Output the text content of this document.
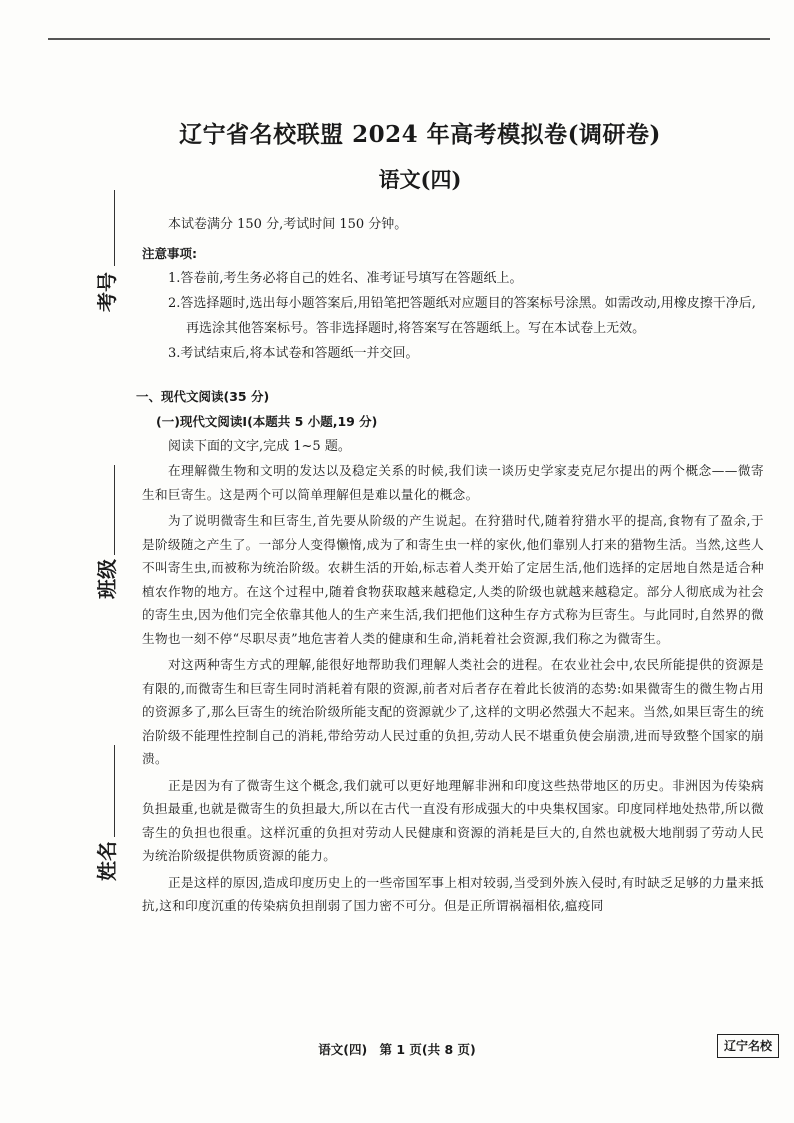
考号
班级
姓名
辽宁省名校联盟 2024 年高考模拟卷(调研卷)
语文(四)

本试卷满分 150 分,考试时间 150 分钟。

注意事项:

1.答卷前,考生务必将自己的姓名、准考证号填写在答题纸上。

2.答选择题时,选出每小题答案后,用铅笔把答题纸对应题目的答案标号涂黑。如需改动,用橡皮擦干净后,再选涂其他答案标号。答非选择题时,将答案写在答题纸上。写在本试卷上无效。

3.考试结束后,将本试卷和答题纸一并交回。

一、现代文阅读(35 分)

(一)现代文阅读Ⅰ(本题共 5 小题,19 分)

阅读下面的文字,完成 1~5 题。

在理解微生物和文明的发达以及稳定关系的时候,我们读一谈历史学家麦克尼尔提出的两个概念——微寄生和巨寄生。这是两个可以简单理解但是难以量化的概念。

为了说明微寄生和巨寄生,首先要从阶级的产生说起。在狩猎时代,随着狩猎水平的提高,食物有了盈余,于是阶级随之产生了。一部分人变得懒惰,成为了和寄生虫一样的家伙,他们靠别人打来的猎物生活。当然,这些人不叫寄生虫,而被称为统治阶级。农耕生活的开始,标志着人类开始了定居生活,他们选择的定居地自然是适合种植农作物的地方。在这个过程中,随着食物获取越来越稳定,人类的阶级也就越来越稳定。部分人彻底成为社会的寄生虫,因为他们完全依靠其他人的生产来生活,我们把他们这种生存方式称为巨寄生。与此同时,自然界的微生物也一刻不停“尽职尽责”地危害着人类的健康和生命,消耗着社会资源,我们称之为微寄生。

对这两种寄生方式的理解,能很好地帮助我们理解人类社会的进程。在农业社会中,农民所能提供的资源是有限的,而微寄生和巨寄生同时消耗着有限的资源,前者对后者存在着此长彼消的态势:如果微寄生的微生物占用的资源多了,那么巨寄生的统治阶级所能支配的资源就少了,这样的文明必然强大不起来。当然,如果巨寄生的统治阶级不能理性控制自己的消耗,带给劳动人民过重的负担,劳动人民不堪重负使会崩溃,进而导致整个国家的崩溃。

正是因为有了微寄生这个概念,我们就可以更好地理解非洲和印度这些热带地区的历史。非洲因为传染病负担最重,也就是微寄生的负担最大,所以在古代一直没有形成强大的中央集权国家。印度同样地处热带,所以微寄生的负担也很重。这样沉重的负担对劳动人民健康和资源的消耗是巨大的,自然也就极大地削弱了劳动人民为统治阶级提供物质资源的能力。

正是这样的原因,造成印度历史上的一些帝国军事上相对较弱,当受到外族入侵时,有时缺乏足够的力量来抵抗,这和印度沉重的传染病负担削弱了国力密不可分。但是正所谓祸福相依,瘟疫同

语文(四) 第 1 页(共 8 页)	辽宁名校
